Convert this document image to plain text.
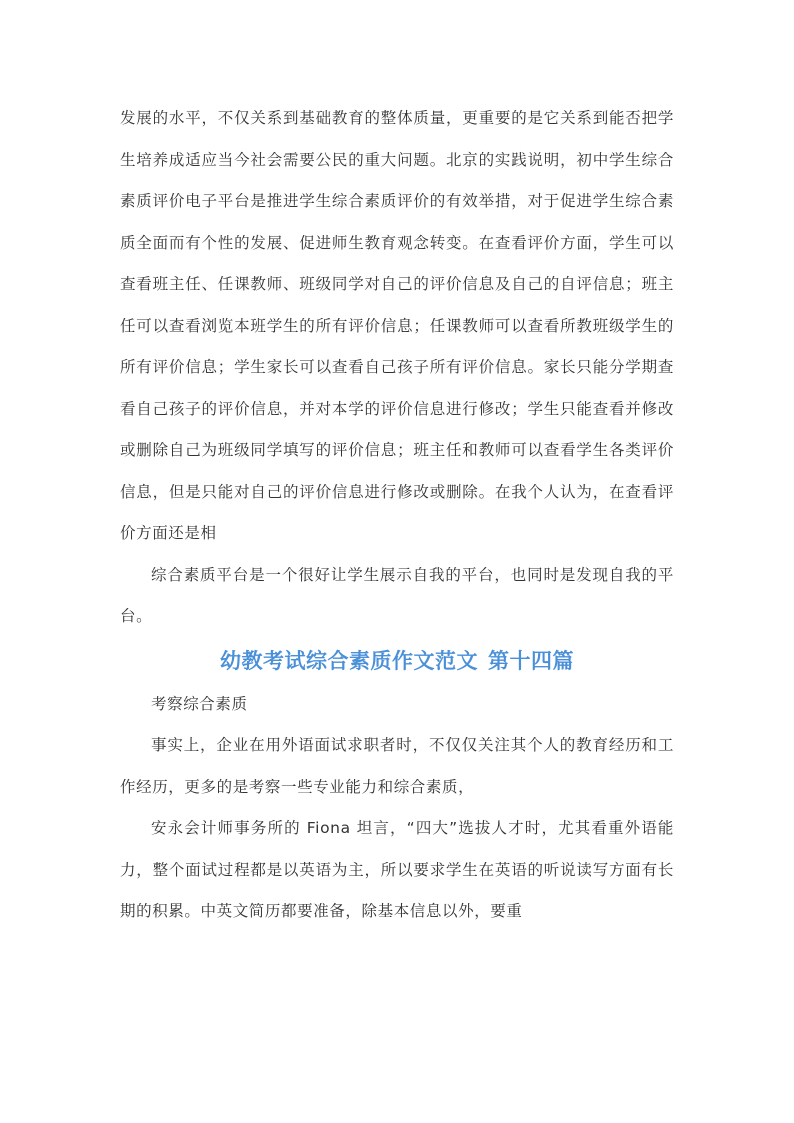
发展的水平，不仅关系到基础教育的整体质量，更重要的是它关系到能否把学生培养成适应当今社会需要公民的重大问题。北京的实践说明，初中学生综合素质评价电子平台是推进学生综合素质评价的有效举措，对于促进学生综合素质全面而有个性的发展、促进师生教育观念转变。在查看评价方面，学生可以查看班主任、任课教师、班级同学对自己的评价信息及自己的自评信息；班主任可以查看浏览本班学生的所有评价信息；任课教师可以查看所教班级学生的所有评价信息；学生家长可以查看自己孩子所有评价信息。家长只能分学期查看自己孩子的评价信息，并对本学的评价信息进行修改；学生只能查看并修改或删除自己为班级同学填写的评价信息；班主任和教师可以查看学生各类评价信息，但是只能对自己的评价信息进行修改或删除。在我个人认为，在查看评价方面还是相

综合素质平台是一个很好让学生展示自我的平台，也同时是发现自我的平台。

幼教考试综合素质作文范文 第十四篇

考察综合素质

事实上，企业在用外语面试求职者时，不仅仅关注其个人的教育经历和工作经历，更多的是考察一些专业能力和综合素质，

安永会计师事务所的 Fiona 坦言，“四大”选拔人才时，尤其看重外语能力，整个面试过程都是以英语为主，所以要求学生在英语的听说读写方面有长期的积累。中英文简历都要准备，除基本信息以外，要重
